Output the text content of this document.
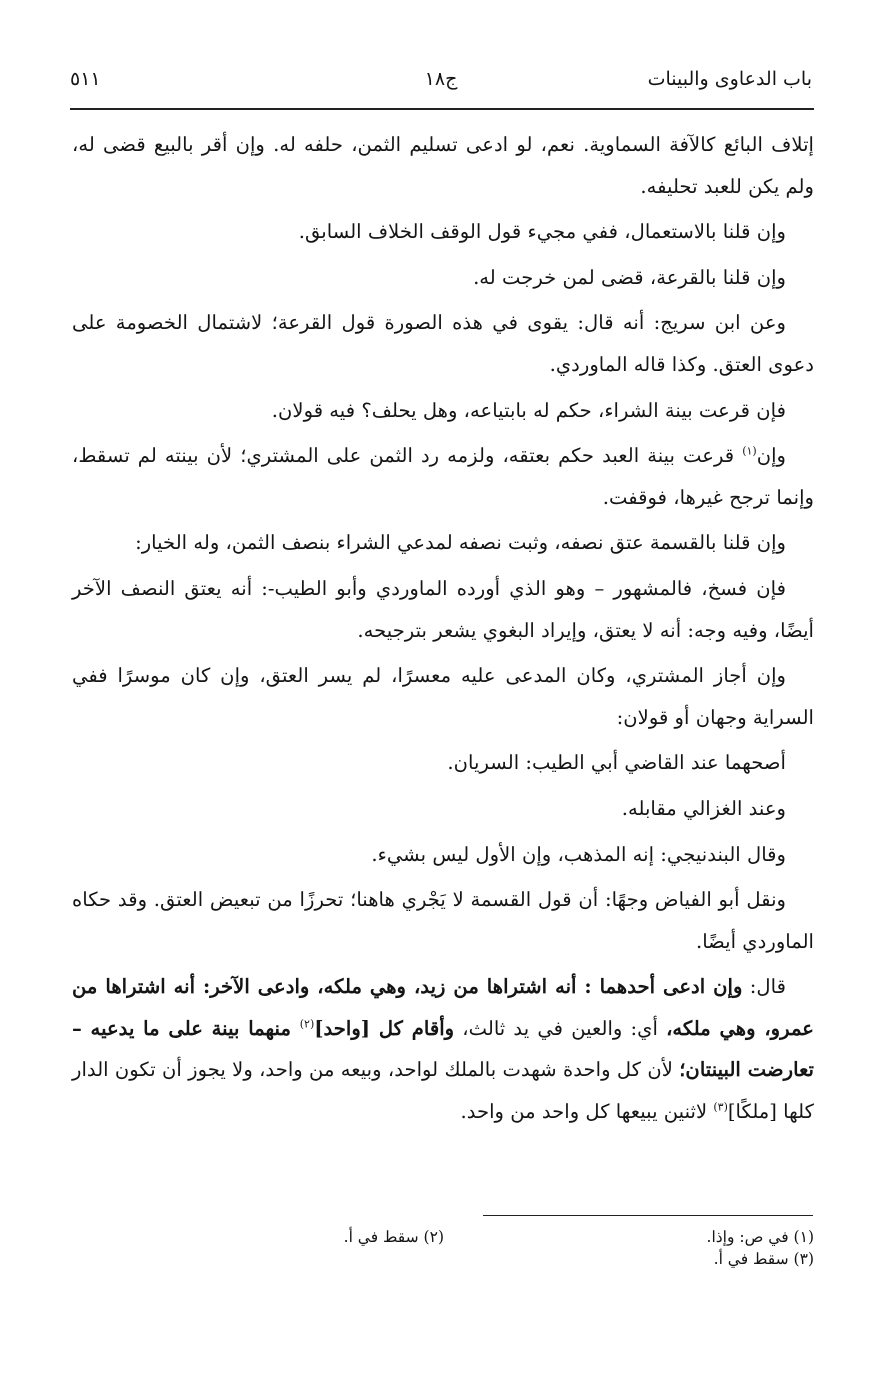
باب الدعاوى والبينات
ج١٨
٥١١

إتلاف البائع كالآفة السماوية. نعم، لو ادعى تسليم الثمن، حلفه له. وإن أقر بالبيع قضى له، ولم يكن للعبد تحليفه.

وإن قلنا بالاستعمال، ففي مجيء قول الوقف الخلاف السابق.

وإن قلنا بالقرعة، قضى لمن خرجت له.

وعن ابن سريج: أنه قال: يقوى في هذه الصورة قول القرعة؛ لاشتمال الخصومة على دعوى العتق. وكذا قاله الماوردي.

فإن قرعت بينة الشراء، حكم له بابتياعه، وهل يحلف؟ فيه قولان.

وإن$^{(١)}$ قرعت بينة العبد حكم بعتقه، ولزمه رد الثمن على المشتري؛ لأن بينته لم تسقط، وإنما ترجح غيرها، فوقفت.

وإن قلنا بالقسمة عتق نصفه، وثبت نصفه لمدعي الشراء بنصف الثمن، وله الخيار:

فإن فسخ، فالمشهور – وهو الذي أورده الماوردي وأبو الطيب-: أنه يعتق النصف الآخر أيضًا، وفيه وجه: أنه لا يعتق، وإيراد البغوي يشعر بترجيحه.

وإن أجاز المشتري، وكان المدعى عليه معسرًا، لم يسر العتق، وإن كان موسرًا ففي السراية وجهان أو قولان:

أصحهما عند القاضي أبي الطيب: السريان.

وعند الغزالي مقابله.

وقال البندنيجي: إنه المذهب، وإن الأول ليس بشيء.

ونقل أبو الفياض وجهًا: أن قول القسمة لا يَجْري هاهنا؛ تحرزًا من تبعيض العتق. وقد حكاه الماوردي أيضًا.

قال: وإن ادعى أحدهما : أنه اشتراها من زيد، وهي ملكه، وادعى الآخر: أنه اشتراها من عمرو، وهي ملكه، أي: والعين في يد ثالث، وأقام كل [واحد]$^{(٢)}$ منهما بينة على ما يدعيه – تعارضت البينتان؛ لأن كل واحدة شهدت بالملك لواحد، وبيعه من واحد، ولا يجوز أن تكون الدار كلها [ملكًا]$^{(٣)}$ لاثنين يبيعها كل واحد من واحد.

(١) في ص: وإذا.
(٢) سقط في أ.
(٣) سقط في أ.
